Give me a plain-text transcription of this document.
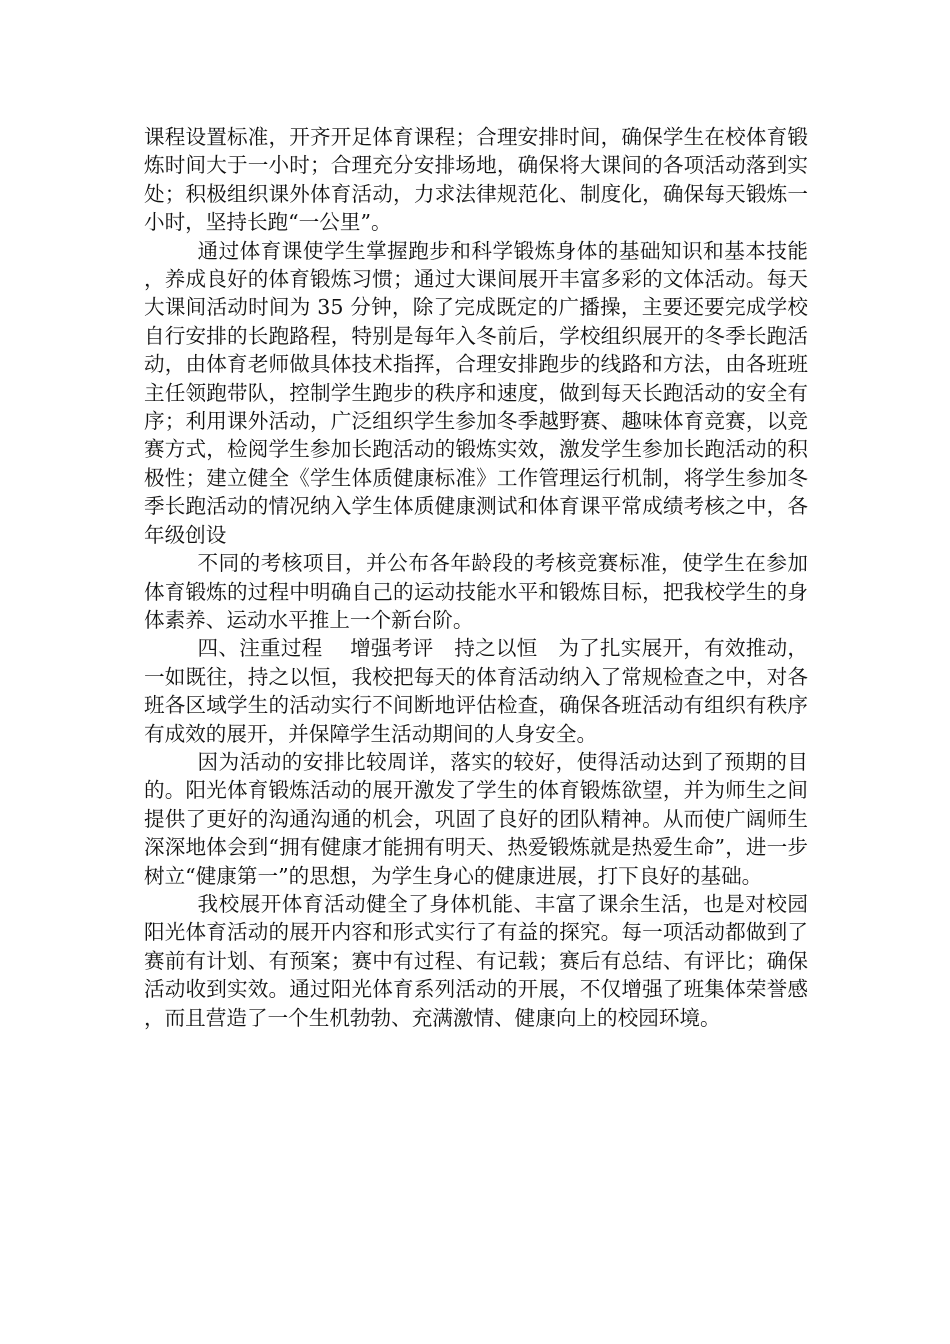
课程设置标准，开齐开足体育课程；合理安排时间，确保学生在校体育锻炼时间大于一小时；合理充分安排场地，确保将大课间的各项活动落到实处；积极组织课外体育活动，力求法律规范化、制度化，确保每天锻炼一小时，坚持长跑“一公里”。

通过体育课使学生掌握跑步和科学锻炼身体的基础知识和基本技能，养成良好的体育锻炼习惯；通过大课间展开丰富多彩的文体活动。每天大课间活动时间为 35 分钟，除了完成既定的广播操，主要还要完成学校自行安排的长跑路程，特别是每年入冬前后，学校组织展开的冬季长跑活动，由体育老师做具体技术指挥，合理安排跑步的线路和方法，由各班班主任领跑带队，控制学生跑步的秩序和速度，做到每天长跑活动的安全有序；利用课外活动，广泛组织学生参加冬季越野赛、趣味体育竞赛，以竞赛方式，检阅学生参加长跑活动的锻炼实效，激发学生参加长跑活动的积极性；建立健全《学生体质健康标准》工作管理运行机制，将学生参加冬季长跑活动的情况纳入学生体质健康测试和体育课平常成绩考核之中，各年级创设

不同的考核项目，并公布各年龄段的考核竞赛标准，使学生在参加体育锻炼的过程中明确自己的运动技能水平和锻炼目标，把我校学生的身体素养、运动水平推上一个新台阶。

四、注重过程　 增强考评　持之以恒　为了扎实展开，有效推动，一如既往，持之以恒，我校把每天的体育活动纳入了常规检查之中，对各班各区域学生的活动实行不间断地评估检查，确保各班活动有组织有秩序有成效的展开，并保障学生活动期间的人身安全。

因为活动的安排比较周详，落实的较好，使得活动达到了预期的目的。阳光体育锻炼活动的展开激发了学生的体育锻炼欲望，并为师生之间提供了更好的沟通沟通的机会，巩固了良好的团队精神。从而使广阔师生深深地体会到“拥有健康才能拥有明天、热爱锻炼就是热爱生命”，进一步树立“健康第一”的思想，为学生身心的健康进展，打下良好的基础。

我校展开体育活动健全了身体机能、丰富了课余生活，也是对校园阳光体育活动的展开内容和形式实行了有益的探究。每一项活动都做到了赛前有计划、有预案；赛中有过程、有记载；赛后有总结、有评比；确保活动收到实效。通过阳光体育系列活动的开展，不仅增强了班集体荣誉感，而且营造了一个生机勃勃、充满激情、健康向上的校园环境。
